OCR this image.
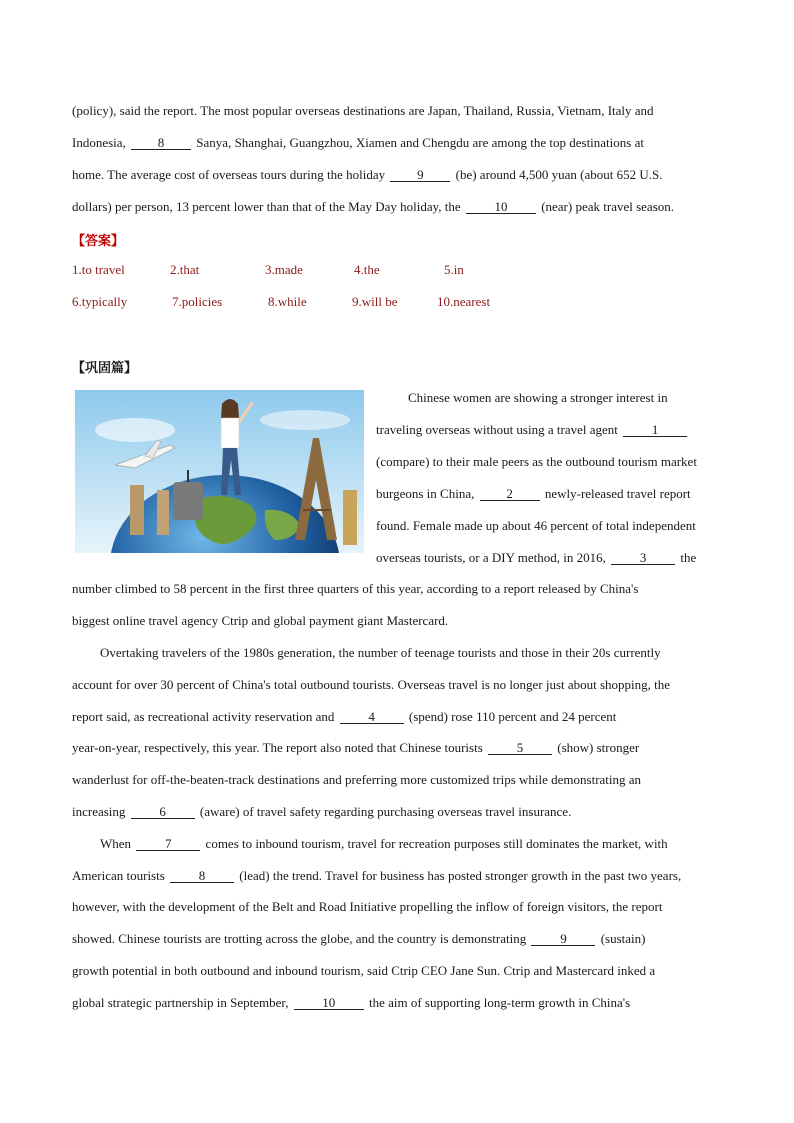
(policy), said the report. The most popular overseas destinations are Japan, Thailand, Russia, Vietnam, Italy and
Indonesia, 8 Sanya, Shanghai, Guangzhou, Xiamen and Chengdu are among the top destinations at
home. The average cost of overseas tours during the holiday 9 (be) around 4,500 yuan (about 652 U.S.
dollars) per person, 13 percent lower than that of the May Day holiday, the	10	(near) peak travel season.
【答案】
1.to travel	2.that	3.made	4.the	5.in
6.typically	7.policies	8.while	9.will be	10.nearest
【巩固篇】
Chinese women are showing a stronger interest in
traveling overseas without using a travel agent	1
(compare) to their male peers as the outbound tourism market
burgeons in China, 2 newly-released travel report
found. Female made up about 46 percent of total independent
overseas tourists, or a DIY method, in 2016,	3	the
number climbed to 58 percent in the first three quarters of this year, according to a report released by China's
biggest online travel agency Ctrip and global payment giant Mastercard.
Overtaking travelers of the 1980s generation, the number of teenage tourists and those in their 20s currently
account for over 30 percent of China's total outbound tourists. Overseas travel is no longer just about shopping, the
report said, as recreational activity reservation and	4	(spend) rose 110 percent and 24 percent
year-on-year, respectively, this year. The report also noted that Chinese tourists	5	(show) stronger
wanderlust for off-the-beaten-track destinations and preferring more customized trips while demonstrating an
increasing	6	(aware) of travel safety regarding purchasing overseas travel insurance.
When	7	comes to inbound tourism, travel for recreation purposes still dominates the market, with
American tourists	8	(lead) the trend. Travel for business has posted stronger growth in the past two years,
however, with the development of the Belt and Road Initiative propelling the inflow of foreign visitors, the report
showed. Chinese tourists are trotting across the globe, and the country is demonstrating	9	(sustain)
growth potential in both outbound and inbound tourism, said Ctrip CEO Jane Sun. Ctrip and Mastercard inked a
global strategic partnership in September,	10	the aim of supporting long-term growth in China's
